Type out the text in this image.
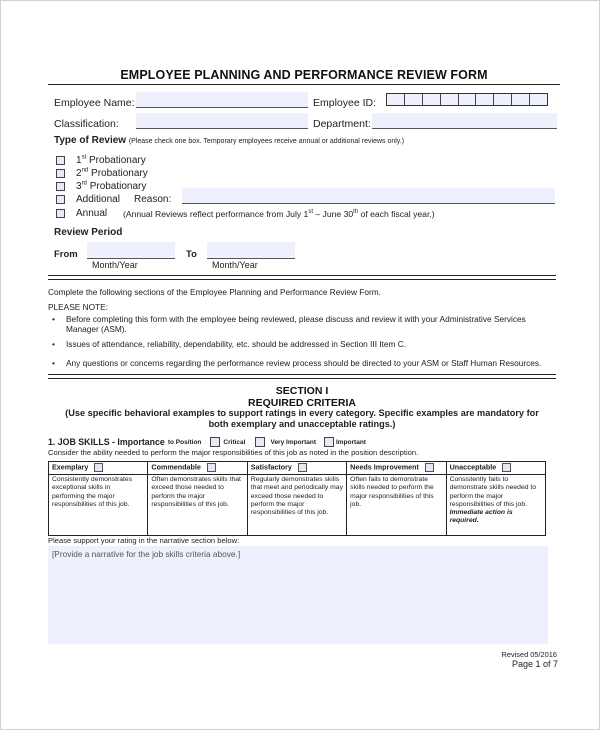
EMPLOYEE PLANNING AND PERFORMANCE REVIEW FORM
Employee Name:	Employee ID:
Classification:	Department:
Type of Review (Please check one box. Temporary employees receive annual or additional reviews only.)
1st Probationary
2nd Probationary
3rd Probationary
Additional Reason:
Annual (Annual Reviews reflect performance from July 1st – June 30th of each fiscal year.)
Review Period
From
Month/Year
To
Month/Year
Complete the following sections of the Employee Planning and Performance Review Form.
PLEASE NOTE:
• Before completing this form with the employee being reviewed, please discuss and review it with your Administrative Services Manager (ASM).
• Issues of attendance, reliability, dependability, etc. should be addressed in Section III Item C.
• Any questions or concerns regarding the performance review process should be directed to your ASM or Staff Human Resources.
SECTION I
REQUIRED CRITERIA
(Use specific behavioral examples to support ratings in every category. Specific examples are mandatory for
both exemplary and unacceptable ratings.)
1. JOB SKILLS - Importance to Position	Critical	Very Important	Important
Consider the ability needed to perform the major responsibilities of this job as noted in the position description.
Exemplary	Commendable	Satisfactory	Needs Improvement	Unacceptable
Consistently demonstrates exceptional skills in performing the major responsibilities of this job.	Often demonstrates skills that exceed those needed to perform the major responsibilities of this job.	Regularly demonstrates skills that meet and periodically may exceed those needed to perform the major responsibilities of this job.	Often fails to demonstrate skills needed to perform the major responsibilities of this job.	Consistently fails to demonstrate skills needed to perform the major responsibilities of this job. Immediate action is required.
Please support your rating in the narrative section below:
[Provide a narrative for the job skills criteria above.]
Revised 05/2016
Page 1 of 7
